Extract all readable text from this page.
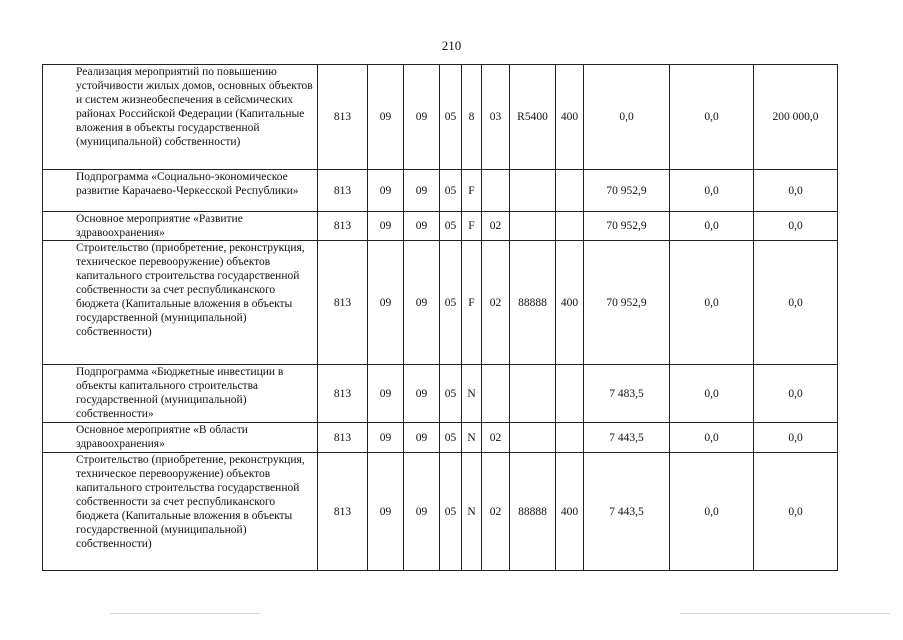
210
Реализация мероприятий по повышению устойчивости жилых домов, основных объектов и систем жизнеобеспечения в сейсмических районах Российской Федерации (Капитальные вложения в объекты государственной (муниципальной) собственности)	813	09	09	05	8	03	R5400	400	0,0	0,0	200 000,0
Подпрограмма «Социально-экономическое развитие Карачаево-Черкесской Республики»	813	09	09	05	F				70 952,9	0,0	0,0
Основное мероприятие «Развитие здравоохранения»	813	09	09	05	F	02			70 952,9	0,0	0,0
Строительство (приобретение, реконструкция, техническое перевооружение) объектов капитального строительства государственной собственности за счет республиканского бюджета (Капитальные вложения в объекты государственной (муниципальной) собственности)	813	09	09	05	F	02	88888	400	70 952,9	0,0	0,0
Подпрограмма «Бюджетные инвестиции в объекты капитального строительства государственной (муниципальной) собственности»	813	09	09	05	N				7 483,5	0,0	0,0
Основное мероприятие «В области здравоохранения»	813	09	09	05	N	02			7 443,5	0,0	0,0
Строительство (приобретение, реконструкция, техническое перевооружение) объектов капитального строительства государственной собственности за счет республиканского бюджета (Капитальные вложения в объекты государственной (муниципальной) собственности)	813	09	09	05	N	02	88888	400	7 443,5	0,0	0,0
